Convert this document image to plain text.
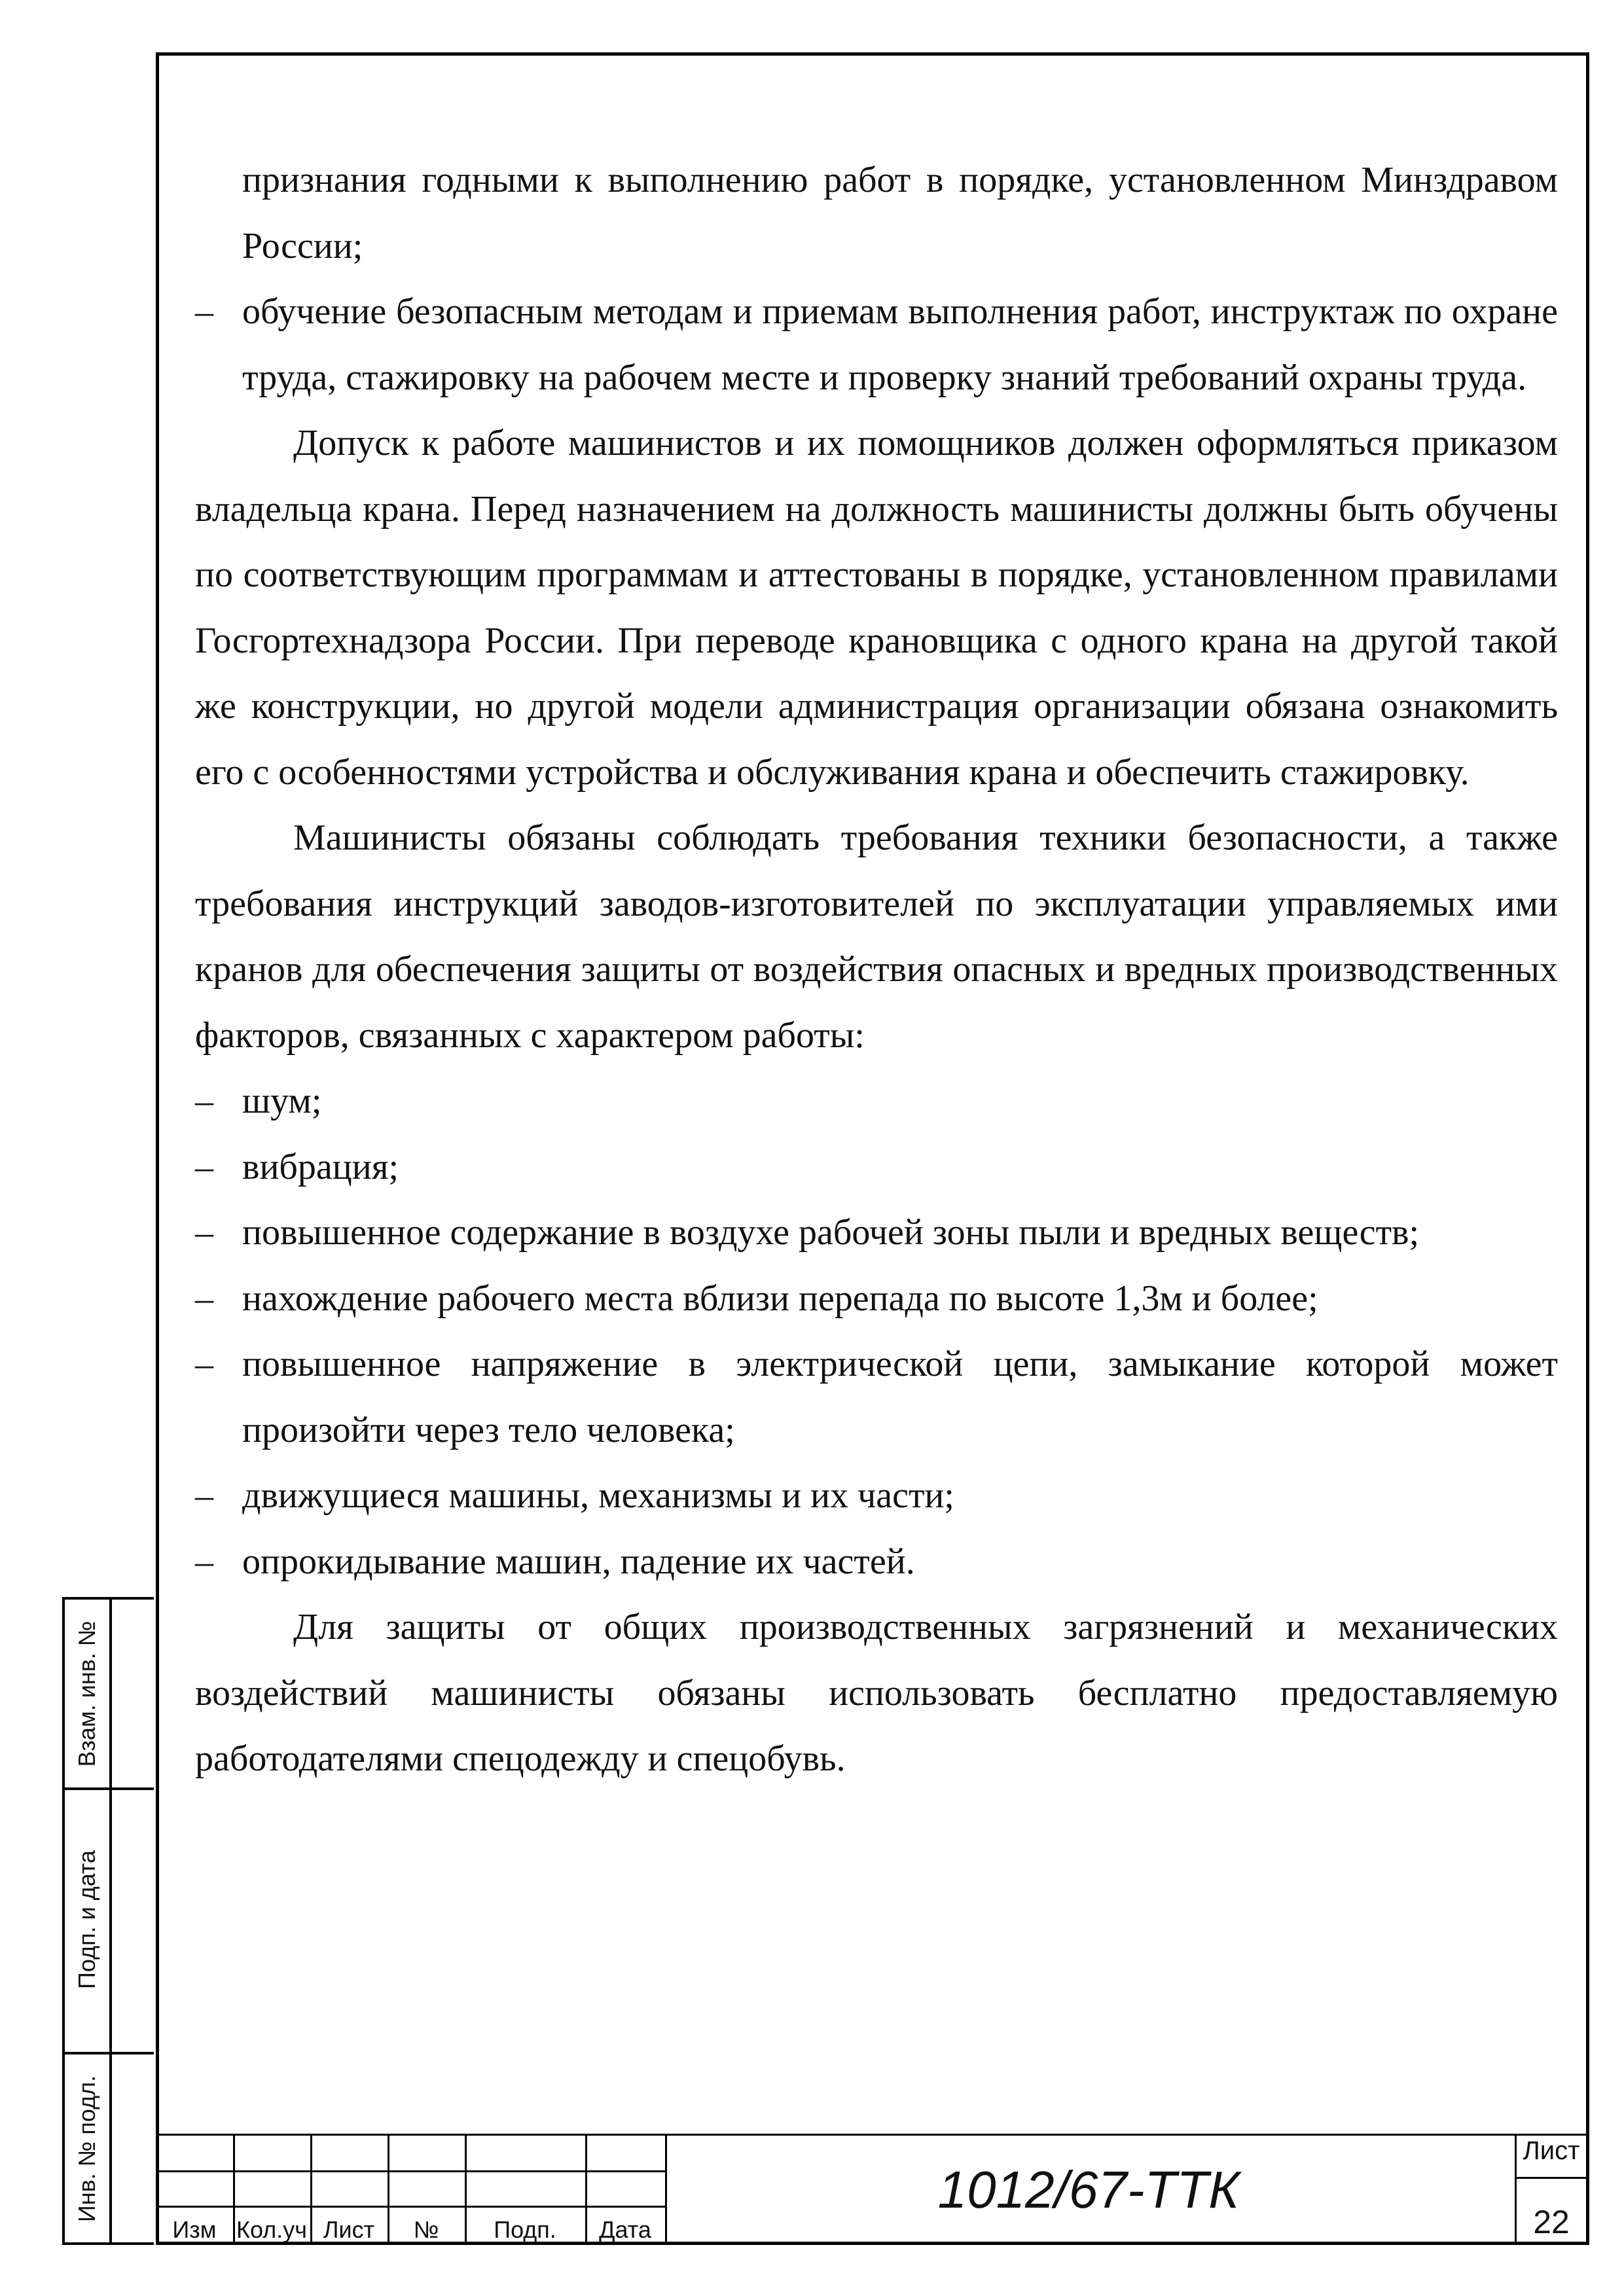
признания годными к выполнению работ в порядке, установленном Минздравом России;

– обучение безопасным методам и приемам выполнения работ, инструктаж по охране труда, стажировку на рабочем месте и проверку знаний требований охраны труда.

Допуск к работе машинистов и их помощников должен оформляться приказом владельца крана. Перед назначением на должность машинисты должны быть обучены по соответствующим программам и аттестованы в порядке, установленном правилами Госгортехнадзора России. При переводе крановщика с одного крана на другой такой же конструкции, но другой модели администрация организации обязана ознакомить его с особенностями устройства и обслуживания крана и обеспечить стажировку.

Машинисты обязаны соблюдать требования техники безопасности, а также требования инструкций заводов-изготовителей по эксплуатации управляемых ими кранов для обеспечения защиты от воздействия опасных и вредных производственных факторов, связанных с характером работы:

– шум;

– вибрация;

– повышенное содержание в воздухе рабочей зоны пыли и вредных веществ;

– нахождение рабочего места вблизи перепада по высоте 1,3м и более;

– повышенное напряжение в электрической цепи, замыкание которой может произойти через тело человека;

– движущиеся машины, механизмы и их части;

– опрокидывание машин, падение их частей.

Для защиты от общих производственных загрязнений и механических воздействий машинисты обязаны использовать бесплатно предоставляемую работодателями спецодежду и спецобувь.

Взам. инв. №
Подп. и дата
Инв. № подл.
Изм Кол.уч Лист	№	Подп.	Дата
1012/67-ТТК
Лист
22
